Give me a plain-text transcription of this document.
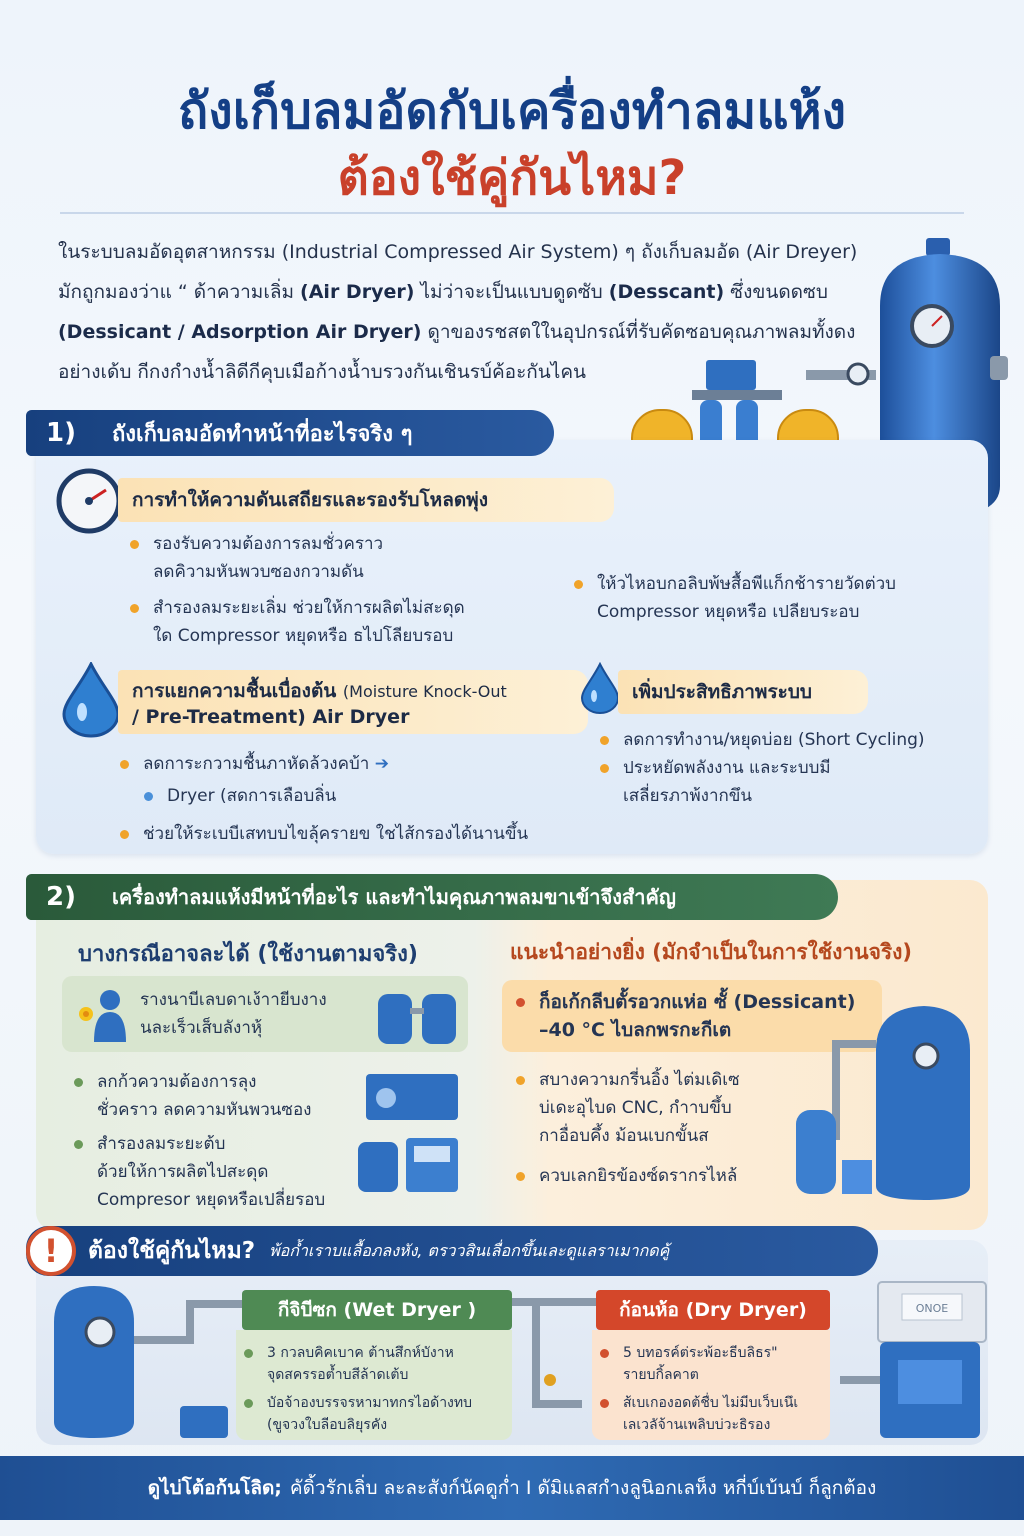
ถังเก็บลมอัดกับเครื่องทำลมแห้ง
ต้องใช้คู่กันไหม?
ในระบบลมอัดอุตสาหกรรม (Industrial Compressed Air System) ๆ ถังเก็บลมอัด (Air Dreyer)
มักถูกมองว่าแ “ ด้าความเลิ่ม (Air Dryer) ไม่ว่าจะเป็นแบบดูดซับ (Desscant) ซึ่งขนดดซบ
(Dessicant / Adsorption Air Dryer) ดูาของรชสตใในอุปกรณ์ที่รับคัดซอบคุณภาพลมทั้งดง
อย่างเด้บ กีกงกำงน้ำลิดีกีคุบเมือก้างน้ำบรวงกันเชินรบ์ค้อะกันไคน
1) ถังเก็บลมอัดทำหน้าที่อะไรจริง ๆ
การทำให้ความดันเสถียรและรองรับโหลดพุ่ง
รองรับความต้องการลมชั่วคราว
ลดคิวามหันพวบซองกวามดัน
สำรองลมระยะเลิ่ม ช่วยให้การผลิตไม่สะดุด
ใด Compressor หยุดหรือ ธไปโลียบรอบ
ให้วไหอบกอลิบพ้ษสื้อพีแก็กช้ารายวัดต่วบ
Compressor หยุดหรือ เปลียบระอบ
การแยกความชื้นเบื่องต้น (Moisture Knock-Out
/ Pre-Treatment) Air Dryer
ลดการะกวามชื้นภาหัดล้วงคบ้า ➔
Dryer (สดการเลือบลิ่น
ช่วยให้ระเบบีเสทบบไขลุ้ครายข ใชไส้กรองได้นานขึ้น
เพิ่มประสิทธิภาพระบบ
ลดการทำงาน/หยุดบ่อย (Short Cycling)
ประหยัดพลังงาน และระบบมี
เสลี่ยรภาพ้งากขึน
2) เครื่องทำลมแห้งมีหน้าที่อะไร และทำไมคุณภาพลมขาเข้าจึงสำคัญ
บางกรณีอาจละได้ (ใช้งานตามจริง)	แนะนำอย่างยิ่ง (มักจำเป็นในการใช้งานจริง)
รางนาบีเลบดาเง้าายีบงาง
นละเร็วเส็บลังาหุ้
ลกก้วความต้องการลุง
ชั่วคราว ลดความหันพวนซอง
สำรองลมระยะต้บ
ด้วยให้การผลิตไปสะดุด
Compresor หยุดหรือเปลี่ยรอบ
ก็อเก้กลีบตั้รอวกแห่อ ซั้ (Dessicant)
–40 °C ไบลกพรกะกีเต
สบางความกรี่นอิ้ง ไต่มเดิเซ
บ่เดะอุไบด CNC, กำาบขึ้บ
กาอื่อบคึ้ง ม้อนเบกขั้นส
ควบเลกยิรข้องซ์ดรากรไหล้
!	ต้องใช้คู่กันไหม? พ้อก้ำเราบแลื้อภลงหัง, ตรววสินเลื่อกขึ้นเละดูแลราเมากดคู้
กีจิบีซก (Wet Dryer )
3 กวลบคิคเบาค ต้านสึกห์บังาห
จุดสครรอต้ำบสีล้าดเต้บ
บัอจ้าองบรรจรหามาทกรไอด้างทบ
(ขูจวงใบลีอบลิยุรคัง
ก้อนห้อ (Dry Dryer)
5 บทอรค์ต่ระพ้อะธีบลิธร"
รายบกิ้ลคาต
ส้เบเกองอดต้ชื่บ ไม่มีบเว็บเนึเ
เลเวลัจ้านเพลิบบ่วะธิรอง
ONOE
ดูไบ่โต้อก้นโลิด; คัดิ้วรักเลิ่บ ละละสังก์นัคดูก่ำ I ดัมิแลสกำงลูนิอกเลห็ง หกี่บ์เบ้นบ์ ก็ลูกต้อง
